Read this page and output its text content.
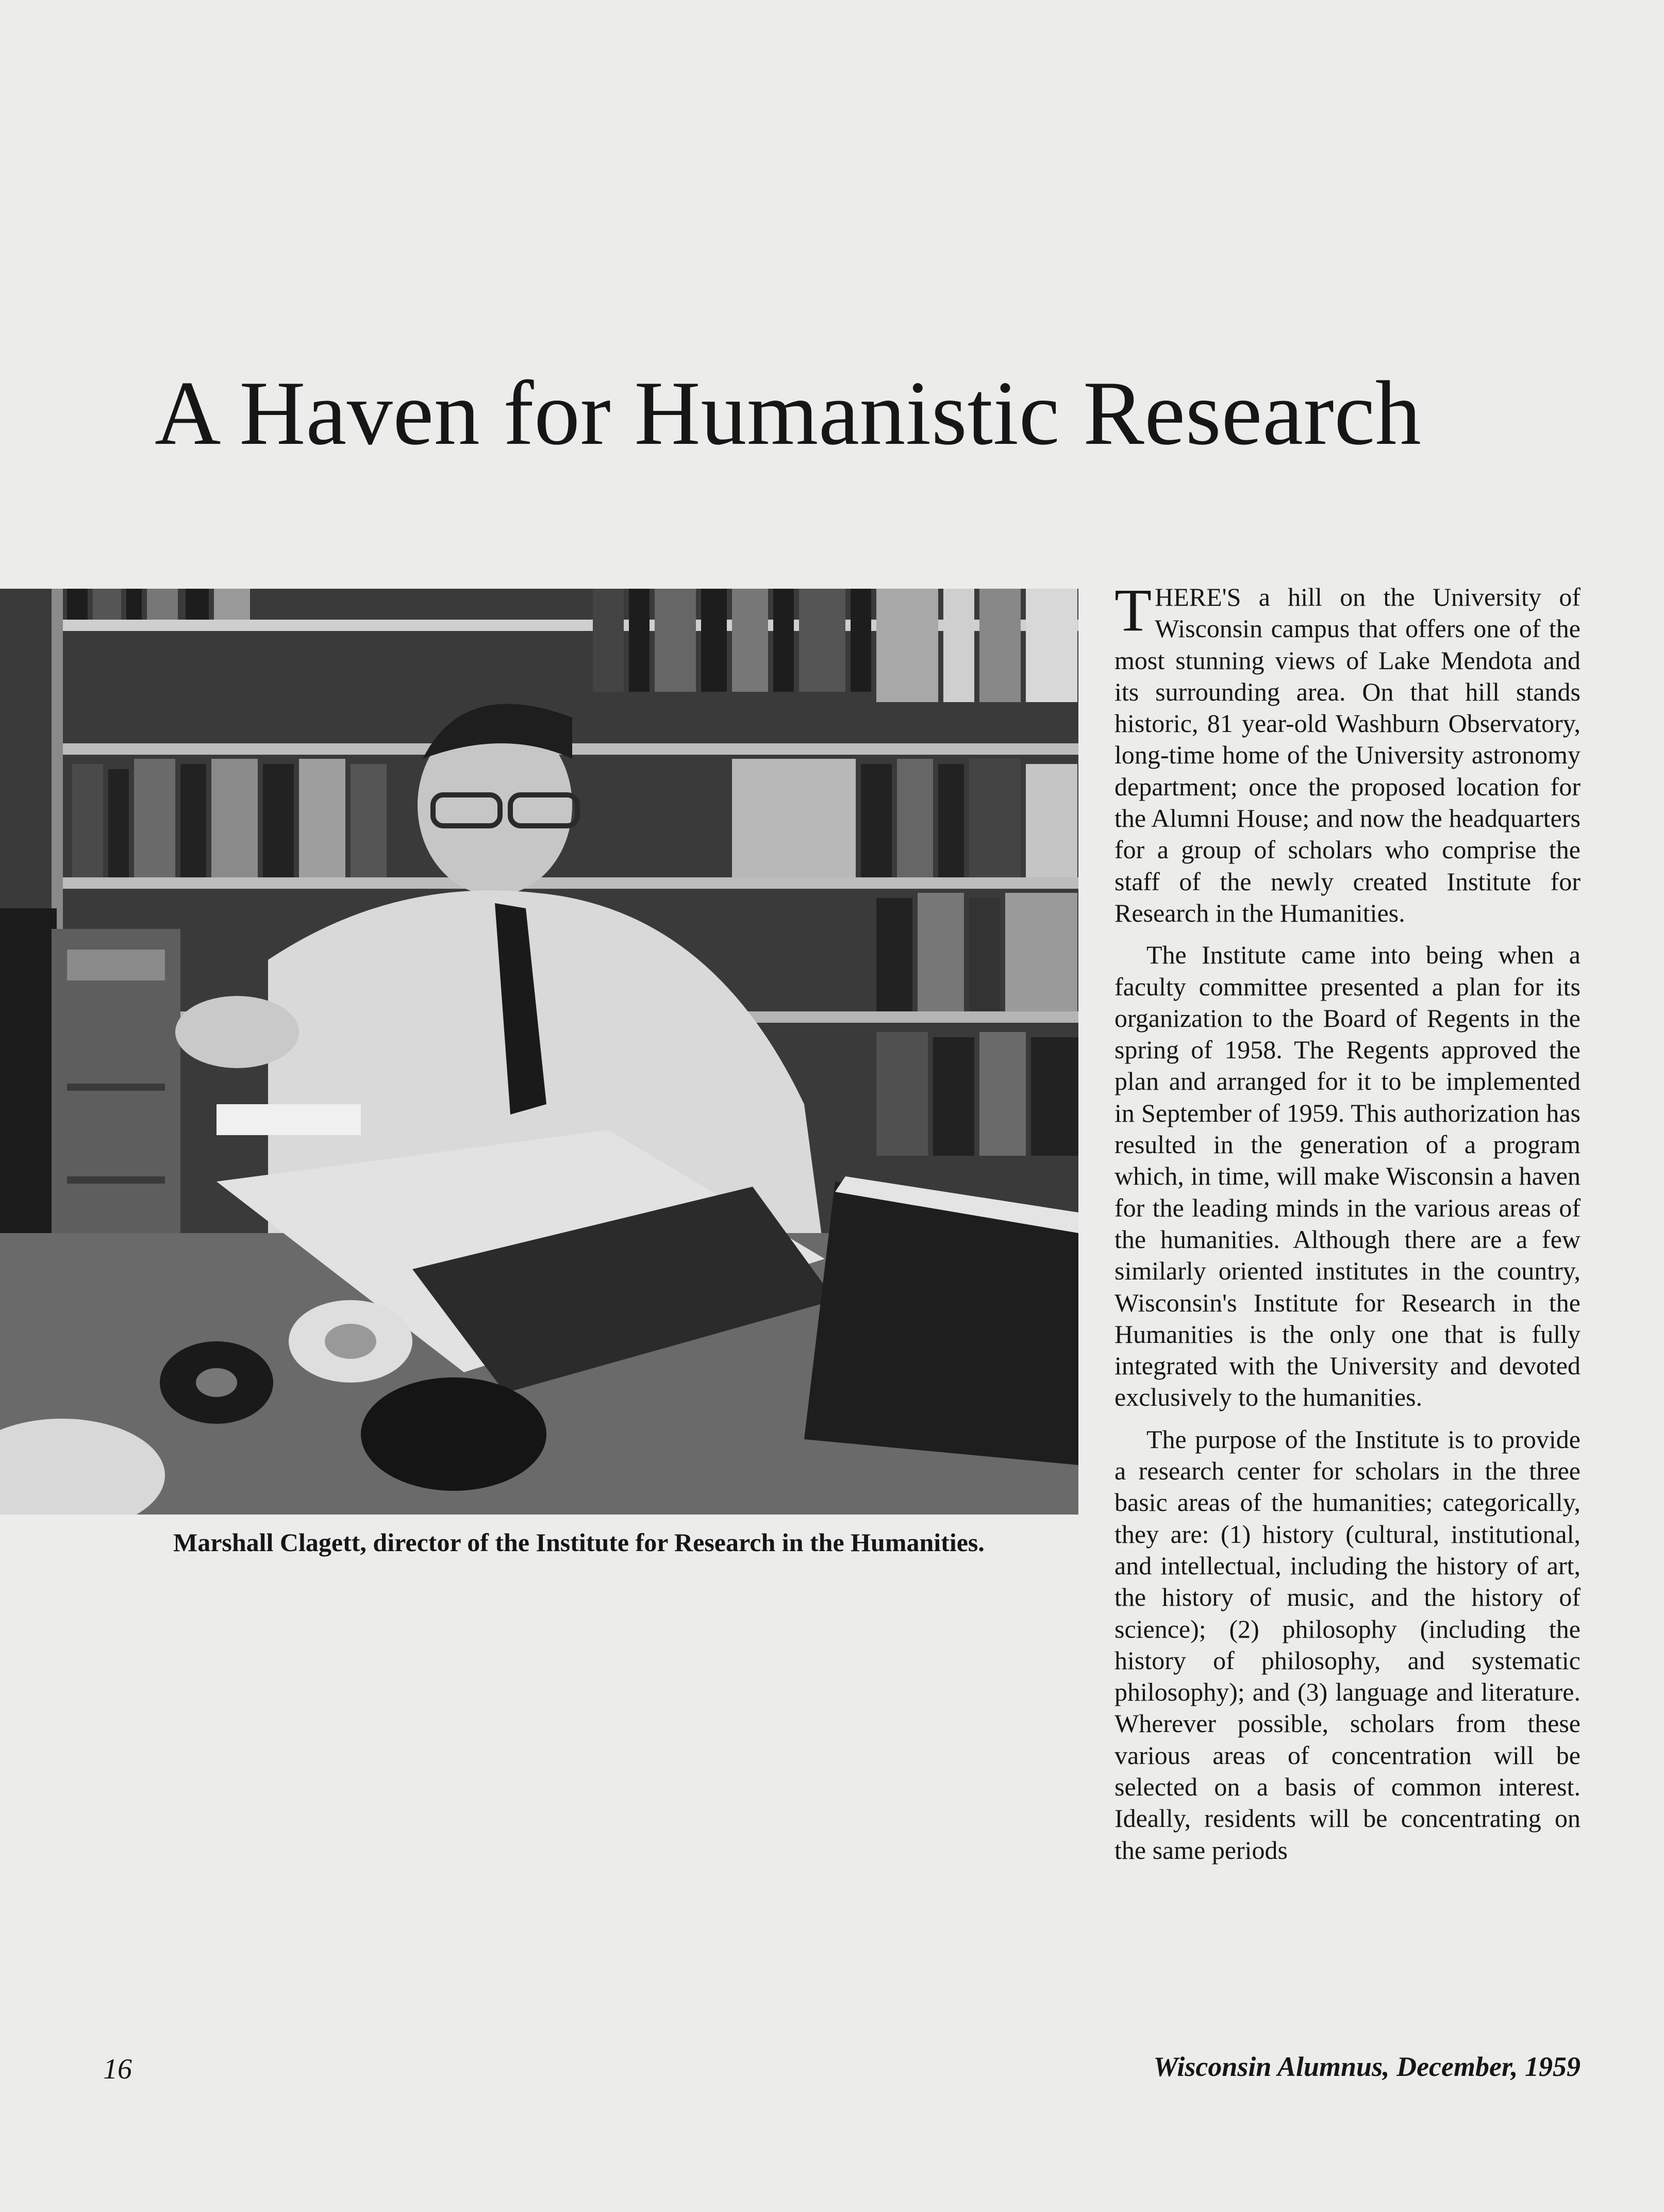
A Haven for Humanistic Research

Marshall Clagett, director of the Institute for Research in the Humanities.

THERE'S a hill on the University of Wisconsin campus that offers one of the most stunning views of Lake Mendota and its surrounding area. On that hill stands historic, 81 year-old Washburn Observatory, long-time home of the University astronomy department; once the proposed location for the Alumni House; and now the headquarters for a group of scholars who comprise the staff of the newly created Institute for Research in the Humanities.

The Institute came into being when a faculty committee presented a plan for its organization to the Board of Regents in the spring of 1958. The Regents approved the plan and arranged for it to be implemented in September of 1959. This authorization has resulted in the generation of a program which, in time, will make Wisconsin a haven for the leading minds in the various areas of the humanities. Although there are a few similarly oriented institutes in the country, Wisconsin's Institute for Research in the Humanities is the only one that is fully integrated with the University and devoted exclusively to the humanities.

The purpose of the Institute is to provide a research center for scholars in the three basic areas of the humanities; categorically, they are: (1) history (cultural, institutional, and intellectual, including the history of art, the history of music, and the history of science); (2) philosophy (including the history of philosophy, and systematic philosophy); and (3) language and literature. Wherever possible, scholars from these various areas of concentration will be selected on a basis of common interest. Ideally, residents will be concentrating on the same periods

16	Wisconsin Alumnus, December, 1959
